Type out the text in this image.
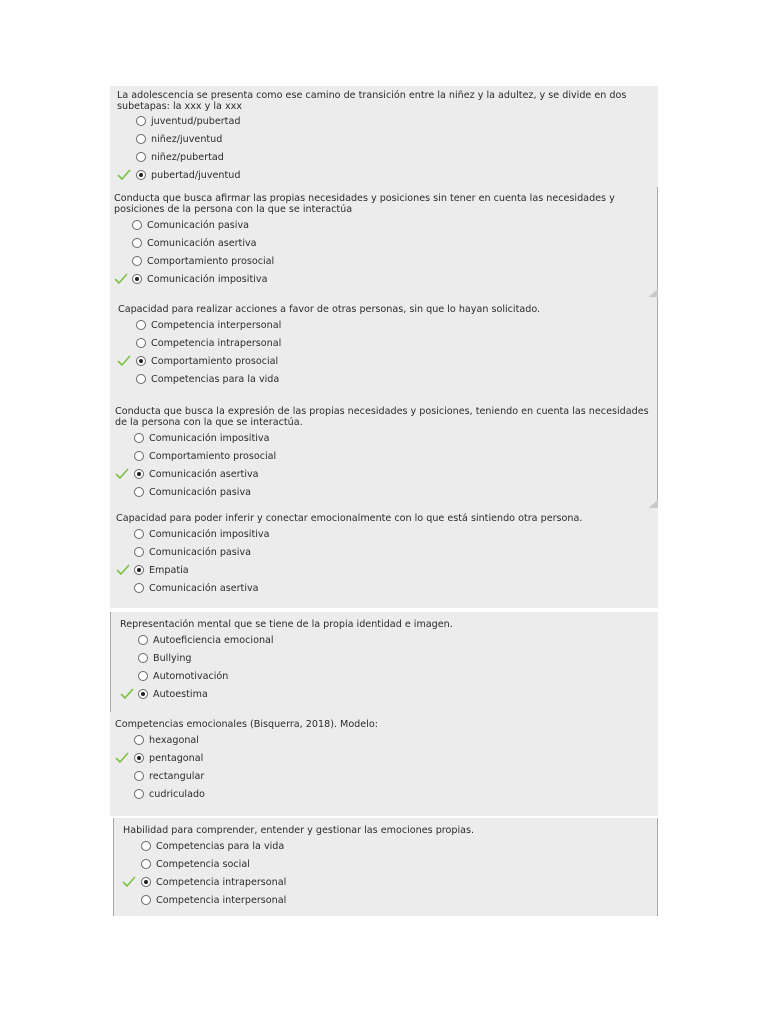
La adolescencia se presenta como ese camino de transición entre la niñez y la adultez, y se divide en dos subetapas: la xxx y la xxx

juventud/pubertad
niñez/juventud
niñez/pubertad
pubertad/juventud

Conducta que busca afirmar las propias necesidades y posiciones sin tener en cuenta las necesidades y posiciones de la persona con la que se interactúa

Comunicación pasiva
Comunicación asertiva
Comportamiento prosocial
Comunicación impositiva

Capacidad para realizar acciones a favor de otras personas, sin que lo hayan solicitado.

Competencia interpersonal
Competencia intrapersonal
Comportamiento prosocial
Competencias para la vida

Conducta que busca la expresión de las propias necesidades y posiciones, teniendo en cuenta las necesidades de la persona con la que se interactúa.

Comunicación impositiva
Comportamiento prosocial
Comunicación asertiva
Comunicación pasiva

Capacidad para poder inferir y conectar emocionalmente con lo que está sintiendo otra persona.

Comunicación impositiva
Comunicación pasiva
Empatia
Comunicación asertiva

Representación mental que se tiene de la propia identidad e imagen.

Autoeficiencia emocional
Bullying
Automotivación
Autoestima

Competencias emocionales (Bisquerra, 2018). Modelo:

hexagonal
pentagonal
rectangular
cudriculado

Habilidad para comprender, entender y gestionar las emociones propias.

Competencias para la vida
Competencia social
Competencia intrapersonal
Competencia interpersonal
